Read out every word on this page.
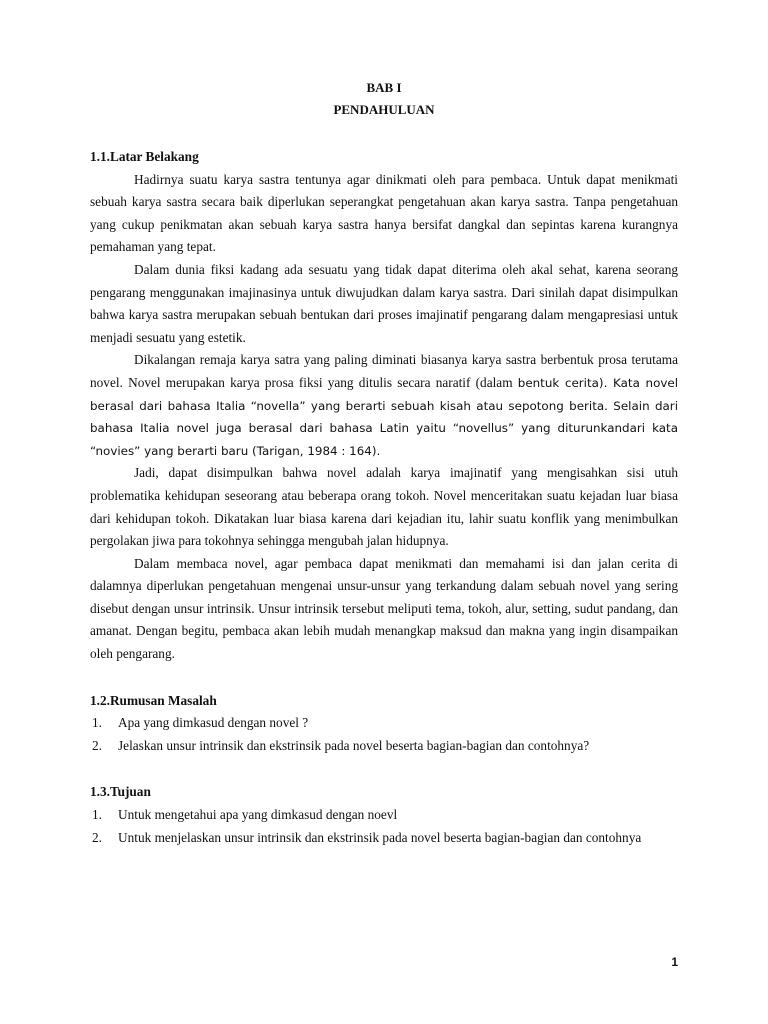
BAB I

PENDAHULUAN

1.1.Latar Belakang

Hadirnya suatu karya sastra tentunya agar dinikmati oleh para pembaca. Untuk dapat menikmati sebuah karya sastra secara baik diperlukan seperangkat pengetahuan akan karya sastra. Tanpa pengetahuan yang cukup penikmatan akan sebuah karya sastra hanya bersifat dangkal dan sepintas karena kurangnya pemahaman yang tepat.

Dalam dunia fiksi kadang ada sesuatu yang tidak dapat diterima oleh akal sehat, karena seorang pengarang menggunakan imajinasinya untuk diwujudkan dalam karya sastra. Dari sinilah dapat disimpulkan bahwa karya sastra merupakan sebuah bentukan dari proses imajinatif pengarang dalam mengapresiasi untuk menjadi sesuatu yang estetik.

Dikalangan remaja karya satra yang paling diminati biasanya karya sastra berbentuk prosa terutama novel. Novel merupakan karya prosa fiksi yang ditulis secara naratif (dalam bentuk cerita). Kata novel berasal dari bahasa Italia “novella” yang berarti sebuah kisah atau sepotong berita. Selain dari bahasa Italia novel juga berasal dari bahasa Latin yaitu “novellus” yang diturunkandari kata “novies” yang berarti baru (Tarigan, 1984 : 164).

Jadi, dapat disimpulkan bahwa novel adalah karya imajinatif yang mengisahkan sisi utuh problematika kehidupan seseorang atau beberapa orang tokoh. Novel menceritakan suatu kejadan luar biasa dari kehidupan tokoh. Dikatakan luar biasa karena dari kejadian itu, lahir suatu konflik yang menimbulkan pergolakan jiwa para tokohnya sehingga mengubah jalan hidupnya.

Dalam membaca novel, agar pembaca dapat menikmati dan memahami isi dan jalan cerita di dalamnya diperlukan pengetahuan mengenai unsur-unsur yang terkandung dalam sebuah novel yang sering disebut dengan unsur intrinsik. Unsur intrinsik tersebut meliputi tema, tokoh, alur, setting, sudut pandang, dan amanat. Dengan begitu, pembaca akan lebih mudah menangkap maksud dan makna yang ingin disampaikan oleh pengarang.

1.2.Rumusan Masalah

1. Apa yang dimkasud dengan novel ?
2. Jelaskan unsur intrinsik dan ekstrinsik pada novel beserta bagian-bagian dan contohnya?

1.3.Tujuan

1. Untuk mengetahui apa yang dimkasud dengan noevl
2. Untuk menjelaskan unsur intrinsik dan ekstrinsik pada novel beserta bagian-bagian dan contohnya
1
